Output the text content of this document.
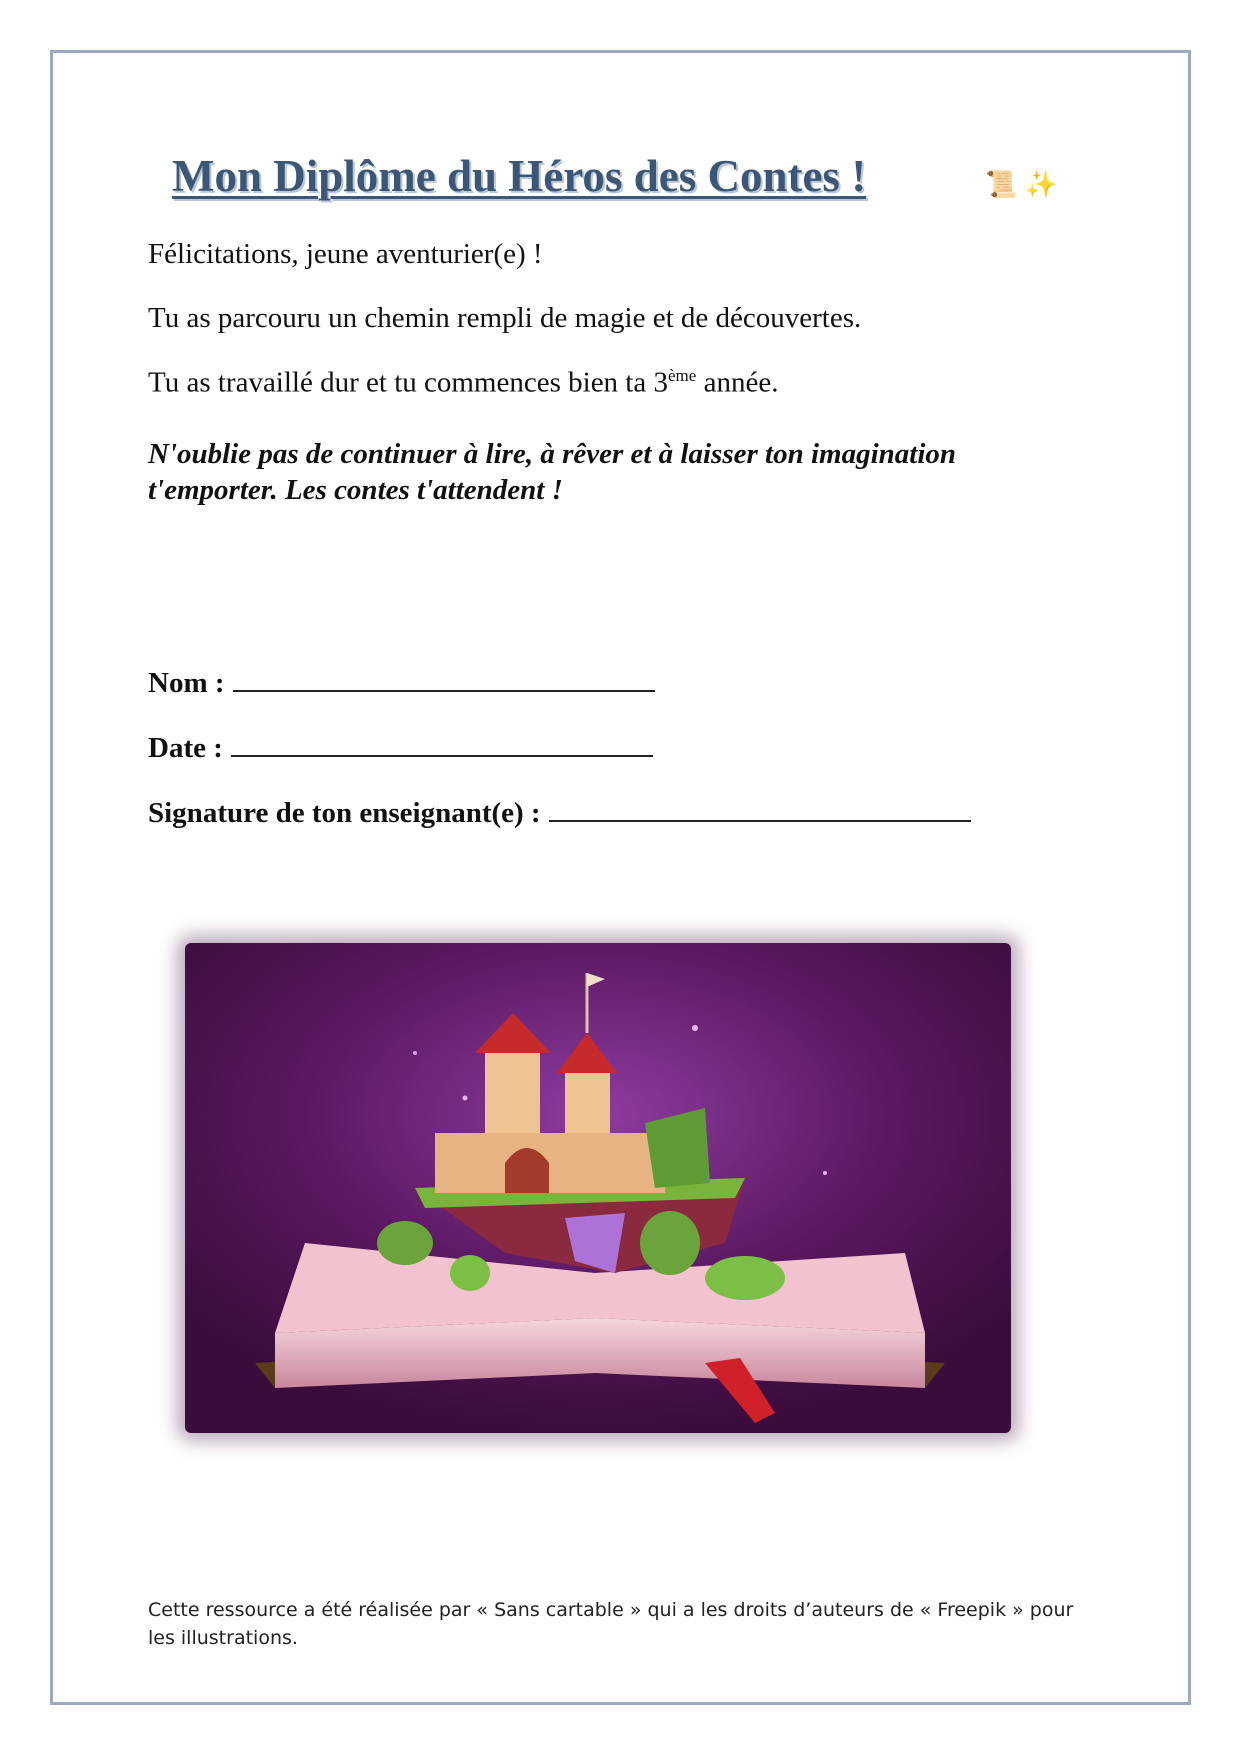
Mon Diplôme du Héros des Contes !	📜 ✨
Félicitations, jeune aventurier(e) !
Tu as parcouru un chemin rempli de magie et de découvertes.
Tu as travaillé dur et tu commences bien ta 3ème année.
N'oublie pas de continuer à lire, à rêver et à laisser ton imagination t'emporter. Les contes t'attendent !
Nom :
Date :
Signature de ton enseignant(e) :
Cette ressource a été réalisée par « Sans cartable » qui a les droits d’auteurs de « Freepik » pour les illustrations.
